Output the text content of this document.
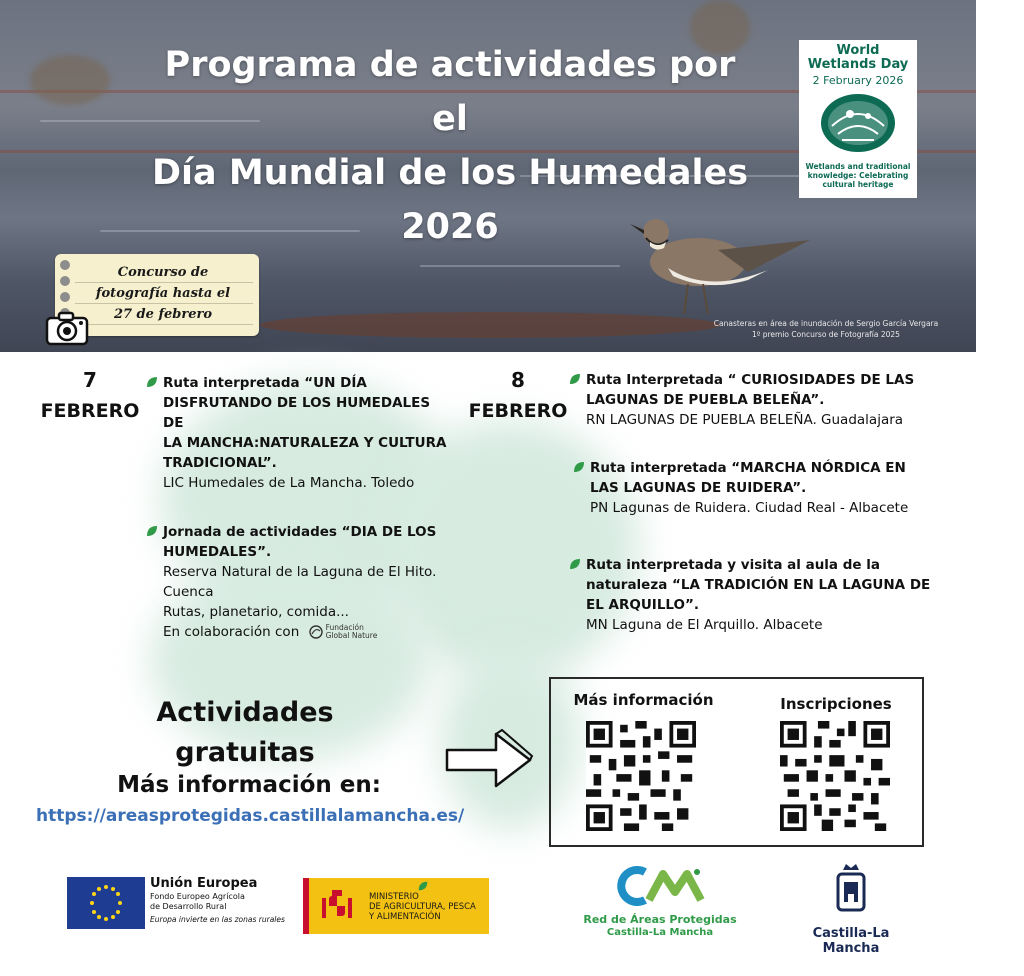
Canasteras en área de inundación de Sergio García Vergara
1º premio Concurso de Fotografía 2025
Programa de actividades por el
Día Mundial de los Humedales 2026
World
Wetlands Day
2 February 2026
Wetlands and traditional
knowledge: Celebrating
cultural heritage
Concurso de
fotografía hasta el
27 de febrero
7
FEBRERO
Ruta interpretada “UN DÍA
DISFRUTANDO DE LOS HUMEDALES DE
LA MANCHA:NATURALEZA Y CULTURA
TRADICIONAL”.
LIC Humedales de La Mancha. Toledo
Jornada de actividades “DIA DE LOS
HUMEDALES”.
Reserva Natural de la Laguna de El Hito.
Cuenca
Rutas, planetario, comida...
En colaboración con	Fundación
Global Nature
8
FEBRERO
Ruta Interpretada “ CURIOSIDADES DE LAS
LAGUNAS DE PUEBLA BELEÑA”.
RN LAGUNAS DE PUEBLA BELEÑA. Guadalajara
Ruta interpretada “MARCHA NÓRDICA EN
LAS LAGUNAS DE RUIDERA”.
PN Lagunas de Ruidera. Ciudad Real - Albacete
Ruta interpretada y visita al aula de la
naturaleza “LA TRADICIÓN EN LA LAGUNA DE
EL ARQUILLO”.
MN Laguna de El Arquillo. Albacete
Actividades
gratuitas
Más información en:
https://areasprotegidas.castillalamancha.es/
Más información	Inscripciones
Unión Europea
Fondo Europeo Agrícola
de Desarrollo Rural
Europa invierte en las zonas rurales
MINISTERIO
DE AGRICULTURA, PESCA
Y ALIMENTACIÓN	Red de Áreas Protegidas
Castilla-La Mancha	Castilla-La Mancha
